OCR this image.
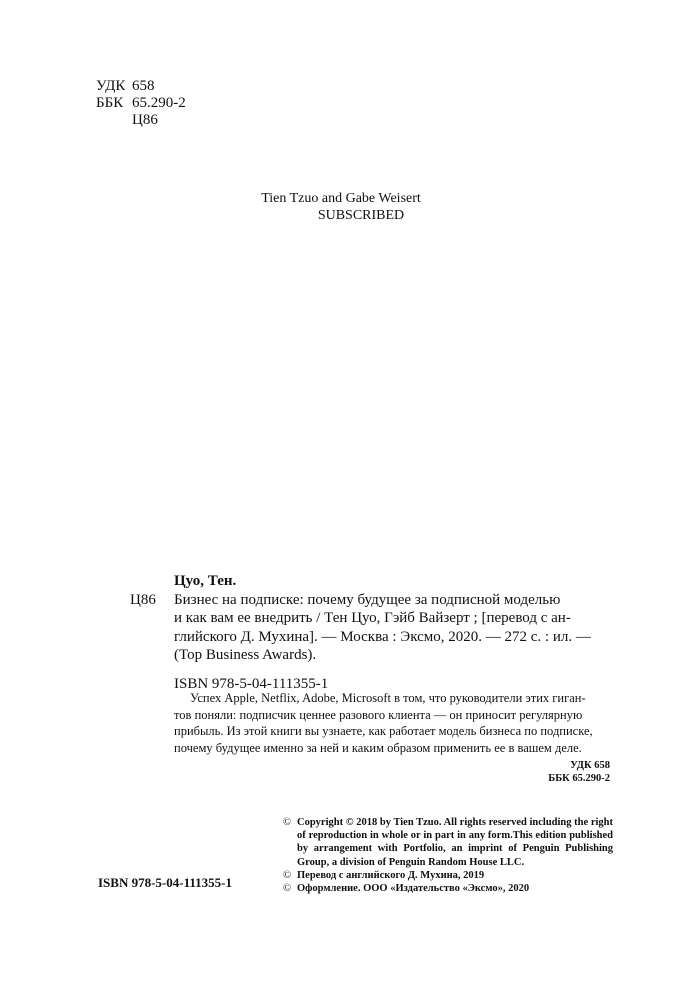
УДК 658
ББК 65.290-2
Ц86
Tien Tzuo and Gabe Weisert
SUBSCRIBED
Цуо, Тен.
Ц86	Бизнес на подписке: почему будущее за подписной моделью
и как вам ее внедрить / Тен Цуо, Гэйб Вайзерт ; [перевод с ан-
глийского Д. Мухина]. — Москва : Эксмо, 2020. — 272 с. : ил. —
(Top Business Awards).
ISBN 978-5-04-111355-1
Успех Apple, Netflix, Adobe, Microsoft в том, что руководители этих гиган-
тов поняли: подписчик ценнее разового клиента — он приносит регулярную
прибыль. Из этой книги вы узнаете, как работает модель бизнеса по подписке,
почему будущее именно за ней и каким образом применить ее в вашем деле.
УДК 658
ББК 65.290-2
© Copyright © 2018 by Tien Tzuo. All rights reserved including the right of reproduction in whole or in part in any form.This edition published by arrangement with Portfolio, an imprint of Penguin Publishing Group, a division of Penguin Random House LLC.
© Перевод с английского Д. Мухина, 2019
© Оформление. ООО «Издательство «Эксмо», 2020
ISBN 978-5-04-111355-1
